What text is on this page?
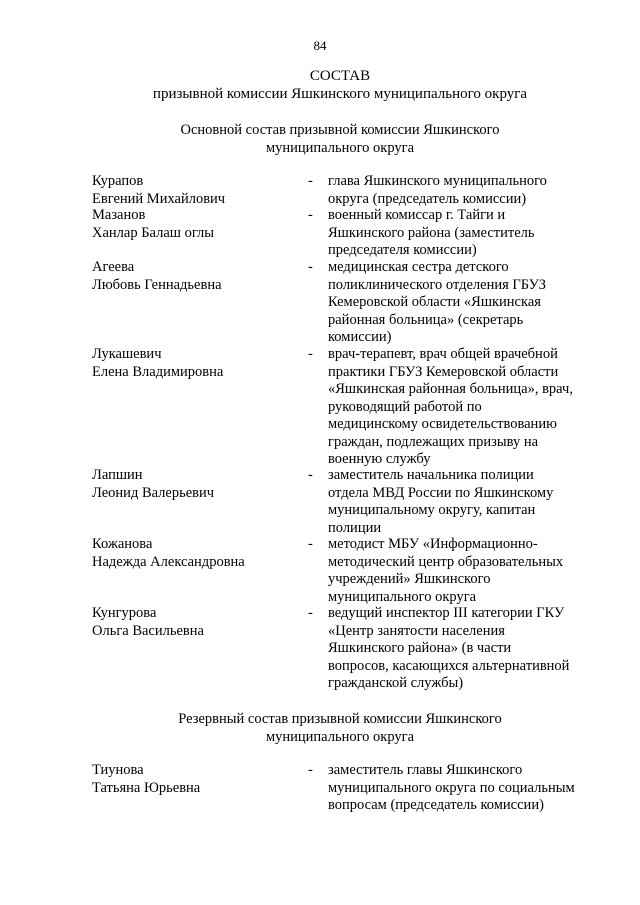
84
СОСТАВ
призывной комиссии Яшкинского муниципального округа
Основной состав призывной комиссии Яшкинского
муниципального округа
Курапов
Евгений Михайлович
-	глава Яшкинского муниципального
округа (председатель комиссии)
Мазанов
Ханлар Балаш оглы
-	военный комиссар г. Тайги и
Яшкинского района (заместитель
председателя комиссии)
Агеева
Любовь Геннадьевна
-	медицинская сестра детского
поликлинического отделения ГБУЗ
Кемеровской области «Яшкинская
районная больница» (секретарь
комиссии)
Лукашевич
Елена Владимировна
-	врач-терапевт, врач общей врачебной
практики ГБУЗ Кемеровской области
«Яшкинская районная больница», врач,
руководящий работой по
медицинскому освидетельствованию
граждан, подлежащих призыву на
военную службу
Лапшин
Леонид Валерьевич
-	заместитель начальника полиции
отдела МВД России по Яшкинскому
муниципальному округу, капитан
полиции
Кожанова
Надежда Александровна
-	методист МБУ «Информационно-
методический центр образовательных
учреждений» Яшкинского
муниципального округа
Кунгурова
Ольга Васильевна
-	ведущий инспектор III категории ГКУ
«Центр занятости населения
Яшкинского района» (в части
вопросов, касающихся альтернативной
гражданской службы)
Резервный состав призывной комиссии Яшкинского
муниципального округа
Тиунова
Татьяна Юрьевна
-	заместитель главы Яшкинского
муниципального округа по социальным
вопросам (председатель комиссии)
